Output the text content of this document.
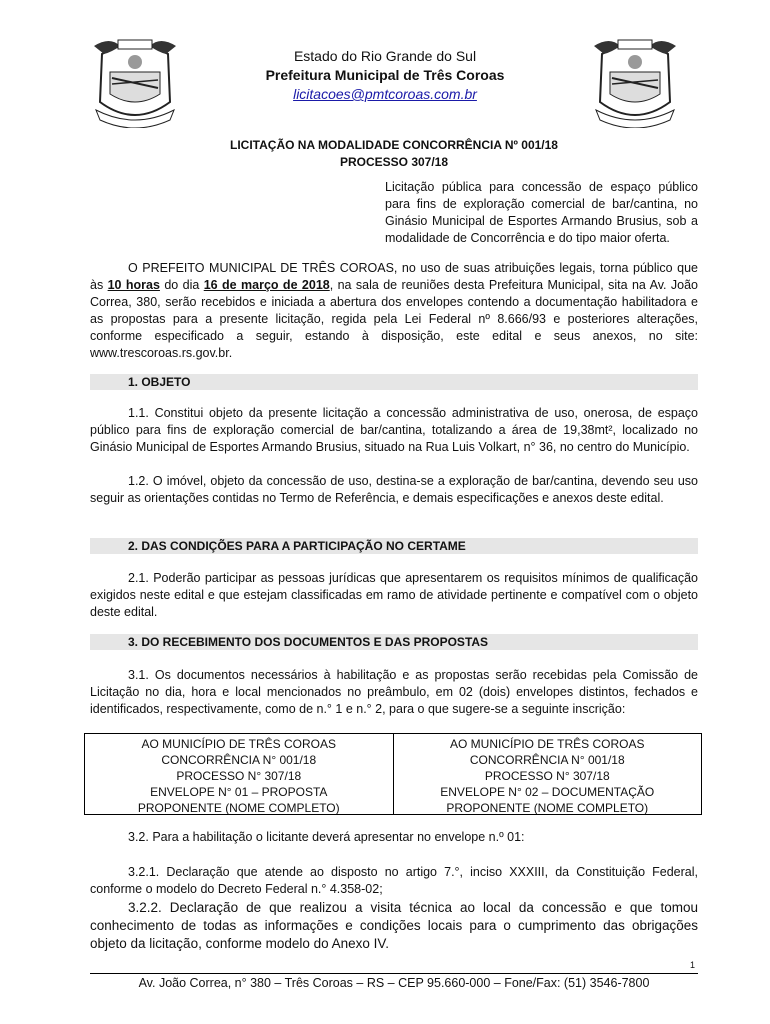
Estado do Rio Grande do Sul
Prefeitura Municipal de Três Coroas
licitacoes@pmtcoroas.com.br
LICITAÇÃO NA MODALIDADE CONCORRÊNCIA Nº 001/18
PROCESSO 307/18
Licitação pública para concessão de espaço público para fins de exploração comercial de bar/cantina, no Ginásio Municipal de Esportes Armando Brusius, sob a modalidade de Concorrência e do tipo maior oferta.
O PREFEITO MUNICIPAL DE TRÊS COROAS, no uso de suas atribuições legais, torna público que às 10 horas do dia 16 de março de 2018, na sala de reuniões desta Prefeitura Municipal, sita na Av. João Correa, 380, serão recebidos e iniciada a abertura dos envelopes contendo a documentação habilitadora e as propostas para a presente licitação, regida pela Lei Federal nº 8.666/93 e posteriores alterações, conforme especificado a seguir, estando à disposição, este edital e seus anexos, no site: www.trescoroas.rs.gov.br.
1. OBJETO
1.1. Constitui objeto da presente licitação a concessão administrativa de uso, onerosa, de espaço público para fins de exploração comercial de bar/cantina, totalizando a área de 19,38mt², localizado no Ginásio Municipal de Esportes Armando Brusius, situado na Rua Luis Volkart, n° 36, no centro do Município.
1.2. O imóvel, objeto da concessão de uso, destina-se a exploração de bar/cantina, devendo seu uso seguir as orientações contidas no Termo de Referência, e demais especificações e anexos deste edital.
2. DAS CONDIÇÕES PARA A PARTICIPAÇÃO NO CERTAME
2.1. Poderão participar as pessoas jurídicas que apresentarem os requisitos mínimos de qualificação exigidos neste edital e que estejam classificadas em ramo de atividade pertinente e compatível com o objeto deste edital.
3. DO RECEBIMENTO DOS DOCUMENTOS E DAS PROPOSTAS
3.1. Os documentos necessários à habilitação e as propostas serão recebidas pela Comissão de Licitação no dia, hora e local mencionados no preâmbulo, em 02 (dois) envelopes distintos, fechados e identificados, respectivamente, como de n.° 1 e n.° 2, para o que sugere-se a seguinte inscrição:
AO MUNICÍPIO DE TRÊS COROAS
CONCORRÊNCIA N° 001/18
PROCESSO N° 307/18
ENVELOPE N° 01 – PROPOSTA
PROPONENTE (NOME COMPLETO)
AO MUNICÍPIO DE TRÊS COROAS
CONCORRÊNCIA N° 001/18
PROCESSO N° 307/18
ENVELOPE N° 02 – DOCUMENTAÇÃO
PROPONENTE (NOME COMPLETO)
3.2. Para a habilitação o licitante deverá apresentar no envelope n.º 01:
3.2.1. Declaração que atende ao disposto no artigo 7.°, inciso XXXIII, da Constituição Federal, conforme o modelo do Decreto Federal n.° 4.358-02;
3.2.2. Declaração de que realizou a visita técnica ao local da concessão e que tomou conhecimento de todas as informações e condições locais para o cumprimento das obrigações objeto da licitação, conforme modelo do Anexo IV.
1
Av. João Correa, n° 380 – Três Coroas – RS – CEP 95.660-000 – Fone/Fax: (51) 3546-7800
